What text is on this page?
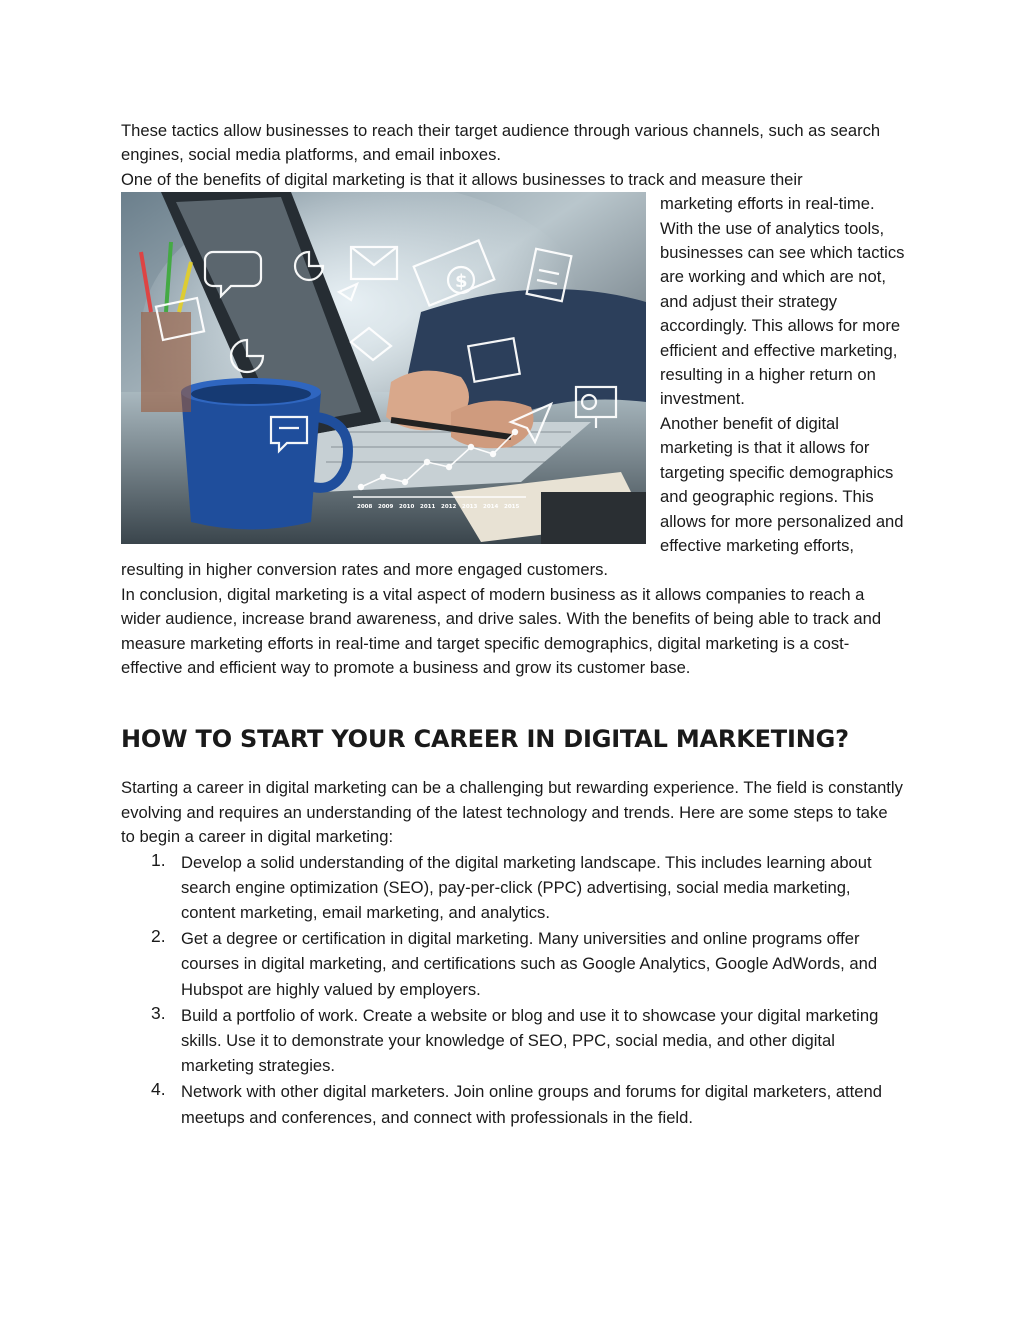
These tactics allow businesses to reach their target audience through various channels, such as search engines, social media platforms, and email inboxes.

One of the benefits of digital marketing is that it allows businesses to track and measure their

$
2008 2009 2010 2011 2012 2013 2014 2015

marketing efforts in real-time. With the use of analytics tools, businesses can see which tactics are working and which are not, and adjust their strategy accordingly. This allows for more efficient and effective marketing, resulting in a higher return on investment.

Another benefit of digital marketing is that it allows for targeting specific demographics and geographic regions. This allows for more personalized and effective marketing efforts, resulting in higher conversion rates and more engaged customers.

In conclusion, digital marketing is a vital aspect of modern business as it allows companies to reach a wider audience, increase brand awareness, and drive sales. With the benefits of being able to track and measure marketing efforts in real-time and target specific demographics, digital marketing is a cost-effective and efficient way to promote a business and grow its customer base.

HOW TO START YOUR CAREER IN DIGITAL MARKETING?

Starting a career in digital marketing can be a challenging but rewarding experience. The field is constantly evolving and requires an understanding of the latest technology and trends. Here are some steps to take to begin a career in digital marketing:

1. Develop a solid understanding of the digital marketing landscape. This includes learning about search engine optimization (SEO), pay-per-click (PPC) advertising, social media marketing, content marketing, email marketing, and analytics.
2. Get a degree or certification in digital marketing. Many universities and online programs offer courses in digital marketing, and certifications such as Google Analytics, Google AdWords, and Hubspot are highly valued by employers.
3. Build a portfolio of work. Create a website or blog and use it to showcase your digital marketing skills. Use it to demonstrate your knowledge of SEO, PPC, social media, and other digital marketing strategies.
4. Network with other digital marketers. Join online groups and forums for digital marketers, attend meetups and conferences, and connect with professionals in the field.
